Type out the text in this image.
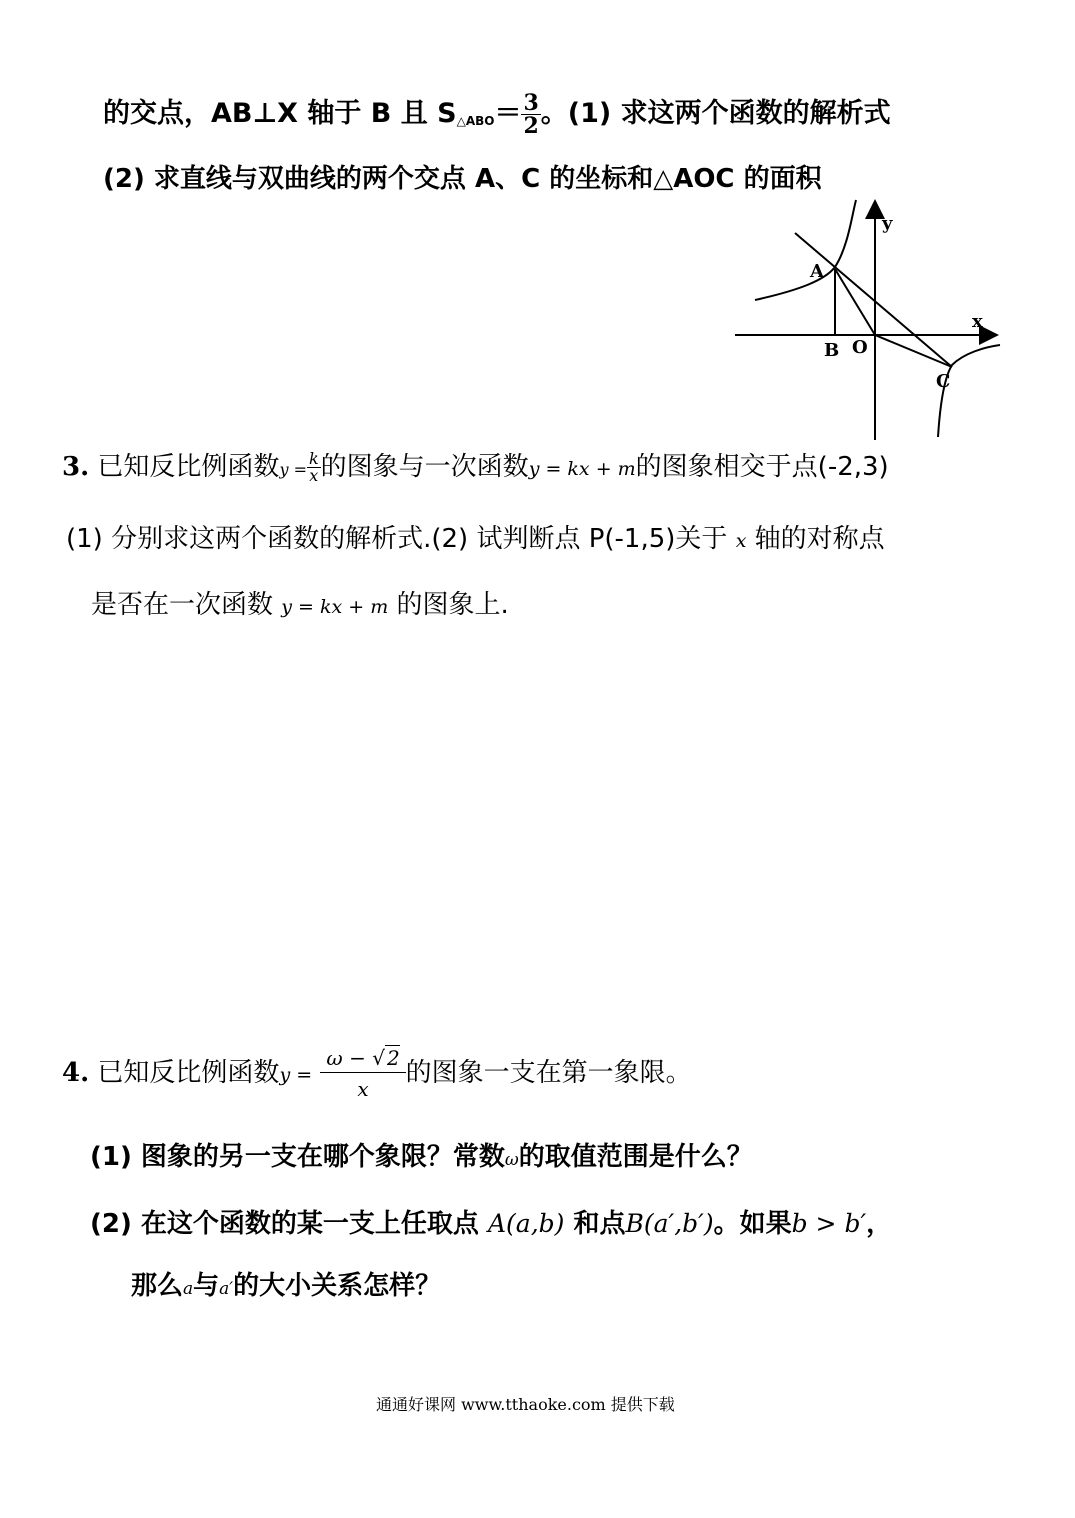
的交点，AB⊥X 轴于 B 且 $S_{\triangle ABO}= \frac{3}{2}$ 。(1) 求这两个函数的解析式
(2) 求直线与双曲线的两个交点 A、C 的坐标和△AOC 的面积
y
x
A
B O
C
3. 已知反比例函数$y = \frac{k}{x}$ 的图象与一次函数y = kx + m的图象相交于点(-2,3)
(1) 分别求这两个函数的解析式.(2) 试判断点 P(-1,5)关于 x 轴的对称点
是否在一次函数 y = kx + m 的图象上.
4. 已知反比例函数$y = \frac{\omega - √ 2}{x}$ 的图象一支在第一象限。
(1) 图象的另一支在哪个象限？常数ω的取值范围是什么？
(2) 在这个函数的某一支上任取点 A(a,b) 和点B(a′,b′)。如果b > b′，
那么a与a′的大小关系怎样？
通通好课网 www.tthaoke.com 提供下载
